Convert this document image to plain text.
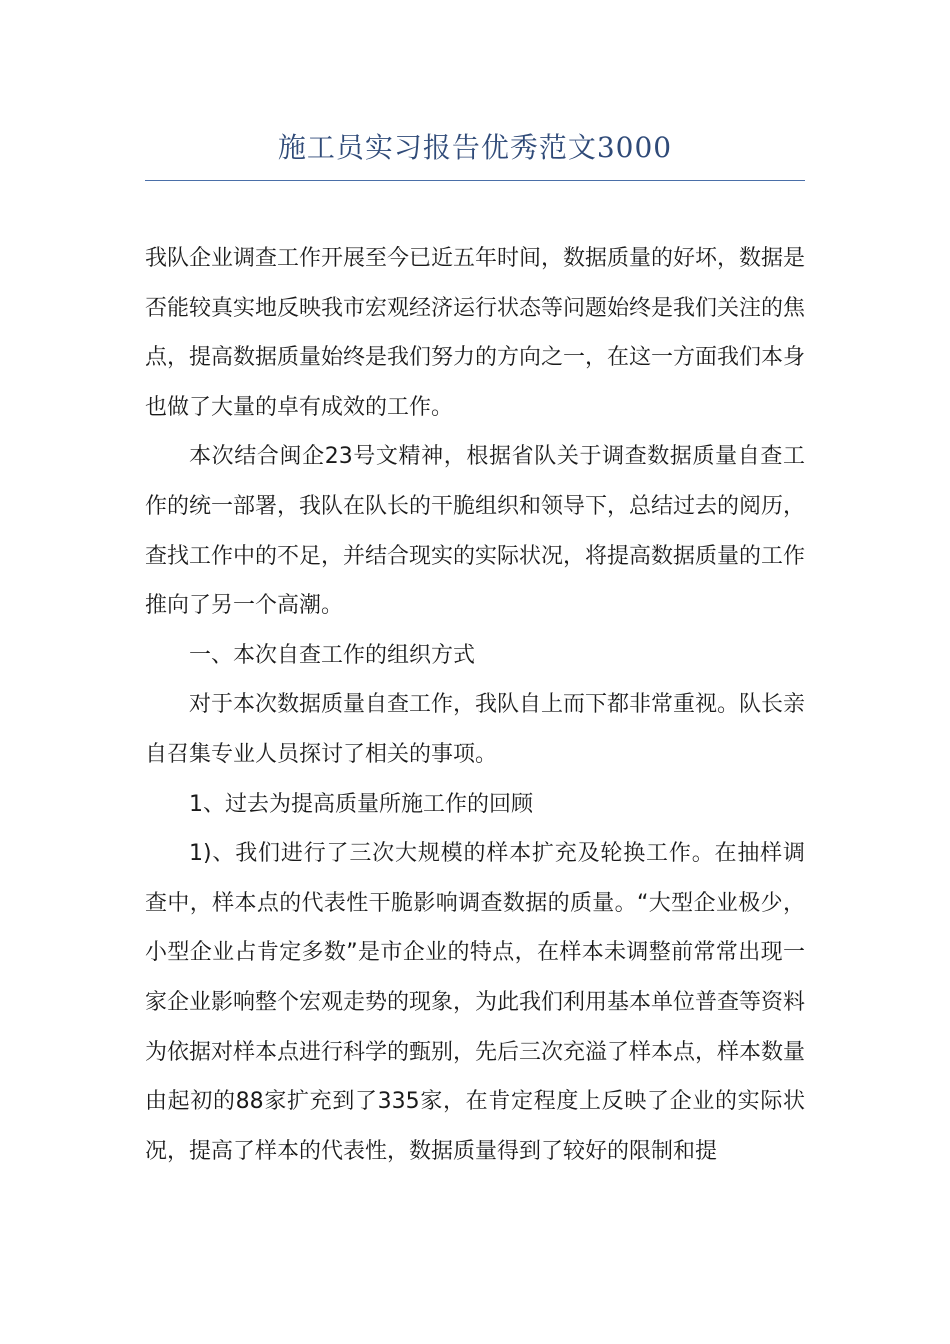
施工员实习报告优秀范文3000

我队企业调查工作开展至今已近五年时间，数据质量的好坏，数据是否能较真实地反映我市宏观经济运行状态等问题始终是我们关注的焦点，提高数据质量始终是我们努力的方向之一，在这一方面我们本身也做了大量的卓有成效的工作。

本次结合闽企23号文精神，根据省队关于调查数据质量自查工作的统一部署，我队在队长的干脆组织和领导下，总结过去的阅历，查找工作中的不足，并结合现实的实际状况，将提高数据质量的工作推向了另一个高潮。

一、本次自查工作的组织方式

对于本次数据质量自查工作，我队自上而下都非常重视。队长亲自召集专业人员探讨了相关的事项。

1、过去为提高质量所施工作的回顾

1)、我们进行了三次大规模的样本扩充及轮换工作。在抽样调查中，样本点的代表性干脆影响调查数据的质量。“大型企业极少，小型企业占肯定多数”是市企业的特点，在样本未调整前常常出现一家企业影响整个宏观走势的现象，为此我们利用基本单位普查等资料为依据对样本点进行科学的甄别，先后三次充溢了样本点，样本数量由起初的88家扩充到了335家，在肯定程度上反映了企业的实际状况，提高了样本的代表性，数据质量得到了较好的限制和提
